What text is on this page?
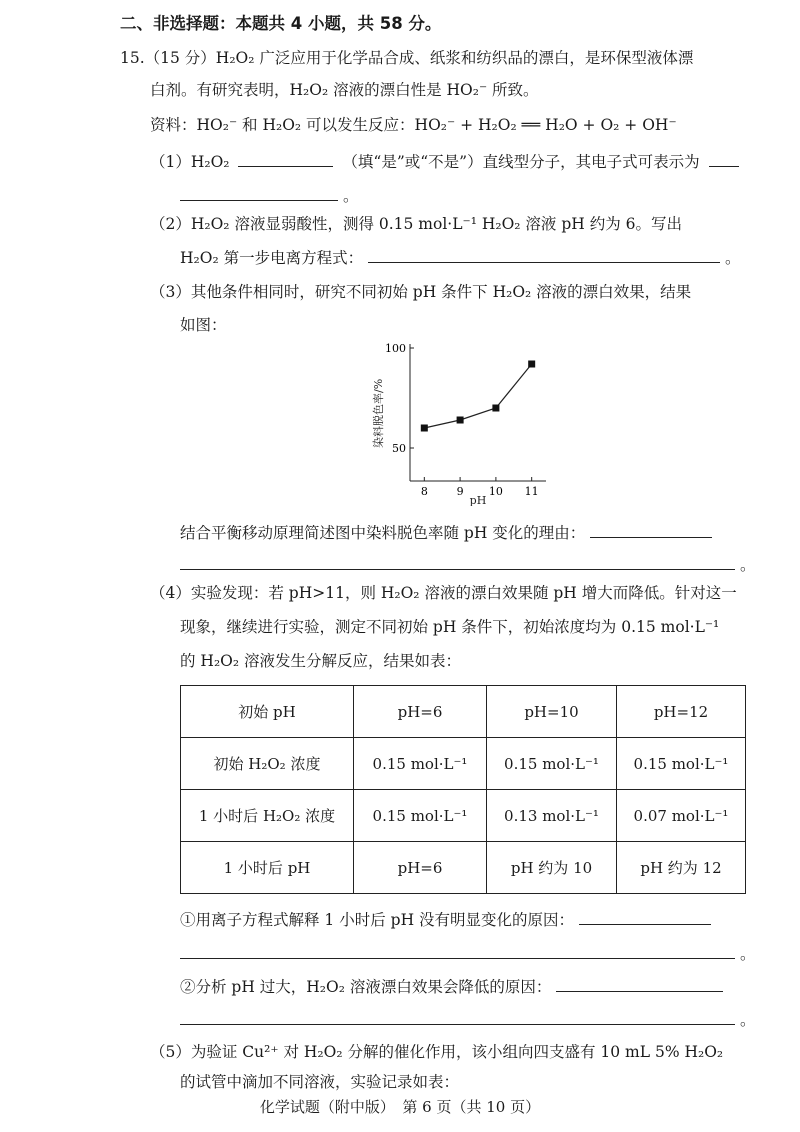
二、非选择题：本题共 4 小题，共 58 分。
15.（15 分）H₂O₂ 广泛应用于化学品合成、纸浆和纺织品的漂白，是环保型液体漂
白剂。有研究表明，H₂O₂ 溶液的漂白性是 HO₂⁻ 所致。
资料：HO₂⁻ 和 H₂O₂ 可以发生反应：HO₂⁻ + H₂O₂ ══ H₂O + O₂ + OH⁻
（1）H₂O₂	（填“是”或“不是”）直线型分子，其电子式可表示为
。
（2）H₂O₂ 溶液显弱酸性，测得 0.15 mol·L⁻¹ H₂O₂ 溶液 pH 约为 6。写出
H₂O₂ 第一步电离方程式：	。
（3）其他条件相同时，研究不同初始 pH 条件下 H₂O₂ 溶液的漂白效果，结果
如图：
50
100
8	9 10 11
染料脱色率/%
pH
结合平衡移动原理简述图中染料脱色率随 pH 变化的理由：
。
（4）实验发现：若 pH>11，则 H₂O₂ 溶液的漂白效果随 pH 增大而降低。针对这一
现象，继续进行实验，测定不同初始 pH 条件下，初始浓度均为 0.15 mol·L⁻¹
的 H₂O₂ 溶液发生分解反应，结果如表：
初始 pH	pH=6	pH=10	pH=12
初始 H₂O₂ 浓度	0.15 mol·L⁻¹	0.15 mol·L⁻¹	0.15 mol·L⁻¹
1 小时后 H₂O₂ 浓度	0.15 mol·L⁻¹	0.13 mol·L⁻¹	0.07 mol·L⁻¹
1 小时后 pH	pH=6	pH 约为 10	pH 约为 12
①用离子方程式解释 1 小时后 pH 没有明显变化的原因：
。
②分析 pH 过大，H₂O₂ 溶液漂白效果会降低的原因：
。
（5）为验证 Cu²⁺ 对 H₂O₂ 分解的催化作用，该小组向四支盛有 10 mL 5% H₂O₂
的试管中滴加不同溶液，实验记录如表：
化学试题（附中版）　第 6 页（共 10 页）
